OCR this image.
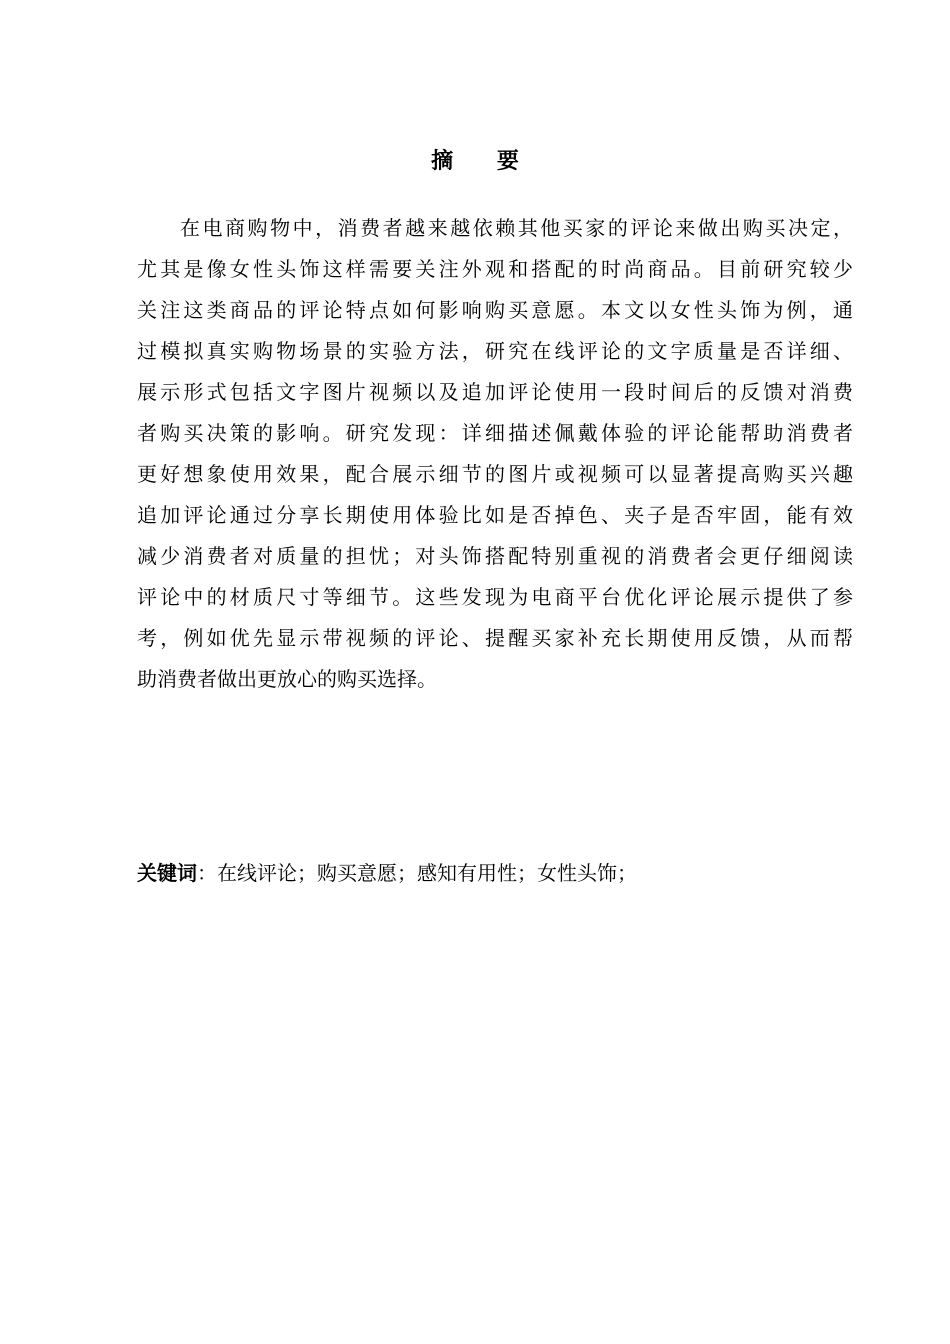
摘 要
在电商购物中，消费者越来越依赖其他买家的评论来做出购买决定，
尤其是像女性头饰这样需要关注外观和搭配的时尚商品。目前研究较少
关注这类商品的评论特点如何影响购买意愿。本文以女性头饰为例，通
过模拟真实购物场景的实验方法，研究在线评论的文字质量是否详细、
展示形式包括文字图片视频以及追加评论使用一段时间后的反馈对消费
者购买决策的影响。研究发现：详细描述佩戴体验的评论能帮助消费者
更好想象使用效果，配合展示细节的图片或视频可以显著提高购买兴趣
追加评论通过分享长期使用体验比如是否掉色、夹子是否牢固，能有效
减少消费者对质量的担忧；对头饰搭配特别重视的消费者会更仔细阅读
评论中的材质尺寸等细节。这些发现为电商平台优化评论展示提供了参
考，例如优先显示带视频的评论、提醒买家补充长期使用反馈，从而帮
助消费者做出更放心的购买选择。
关键词：在线评论；购买意愿；感知有用性；女性头饰；
